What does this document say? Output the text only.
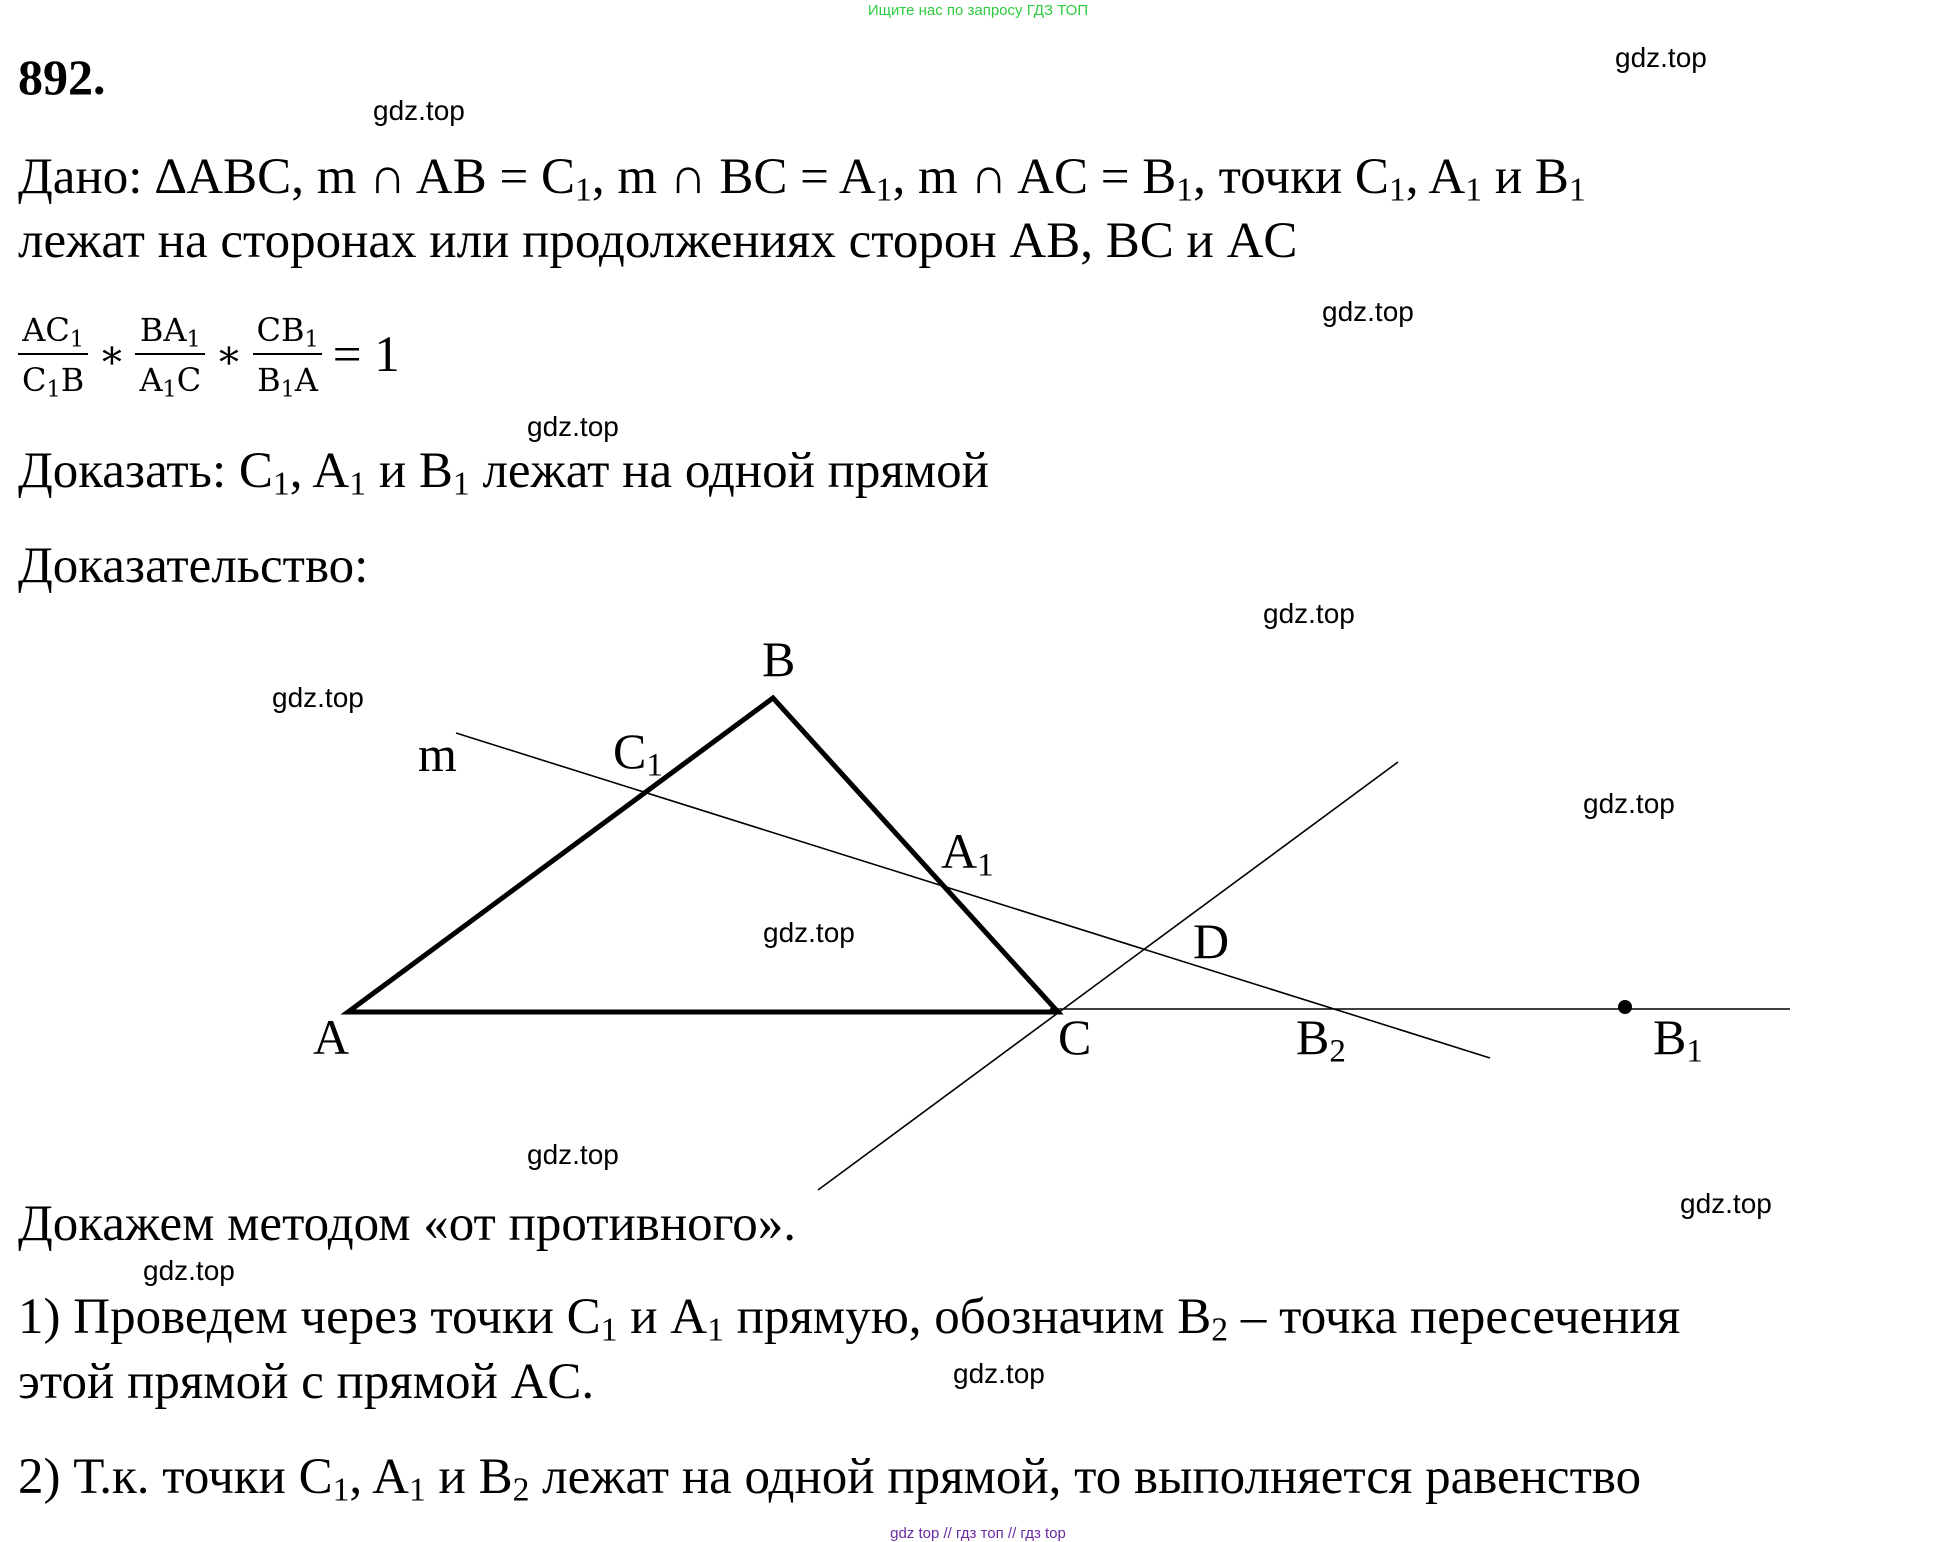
Ищите нас по запросу ГДЗ ТОП
gdz top // гдз топ // гдз top
892.
Дано: ∆ABC, m ∩ AB = $C_1$, m ∩ BC = $A_1$, m ∩ AC = $B_1$, точки $C_1$, $A_1$ и $B_1$
лежат на сторонах или продолжениях сторон AB, BC и AC
$\frac{AC_1}{C_1B}$ ∗ $\frac{BA_1}{A_1C}$ ∗ $\frac{CB_1}{B_1A} = 1$
Доказать: $C_1$, $A_1$ и $B_1$ лежат на одной прямой
Доказательство:
B
m	$C_1$
$A_1$
D
A	C	$B_2$	$B_1$
Докажем методом «от противного».
1) Проведем через точки $C_1$ и $A_1$ прямую, обозначим $B_2$ – точка пересечения
этой прямой с прямой AC.
2) Т.к. точки $C_1$, $A_1$ и $B_2$ лежат на одной прямой, то выполняется равенство
gdz.top
gdz.top
gdz.top
gdz.top
gdz.top
gdz.top
gdz.top
gdz.top
gdz.top
gdz.top
gdz.top
gdz.top
